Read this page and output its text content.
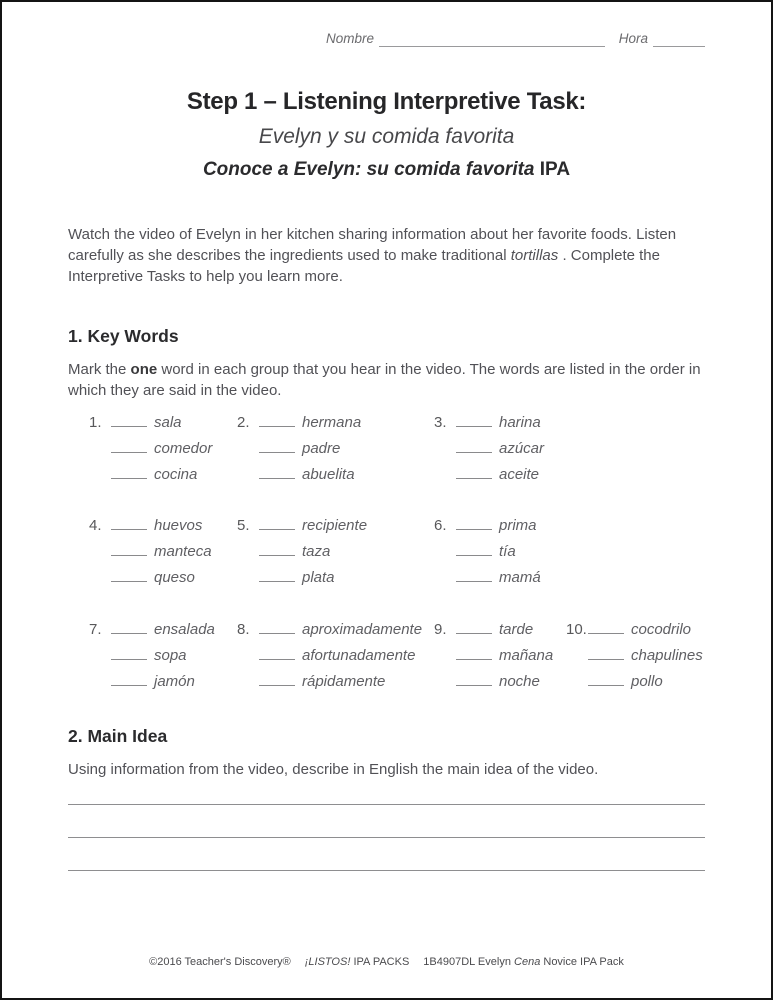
Nombre	Hora
Step 1 – Listening Interpretive Task:
Evelyn y su comida favorita
Conoce a Evelyn: su comida favorita IPA

Watch the video of Evelyn in her kitchen sharing information about her favorite foods. Listen carefully as she describes the ingredients used to make traditional tortillas . Complete the Interpretive Tasks to help you learn more.

1. Key Words

Mark the one word in each group that you hear in the video. The words are listed in the order in which they are said in the video.

1.	sala
comedor
cocina
2.	hermana
padre
abuelita
3.	harina
azúcar
aceite
4.	huevos
manteca
queso
5.	recipiente
taza
plata
6.	prima
tía
mamá
7.	ensalada
sopa
jamón
8.	aproximadamente
afortunadamente
rápidamente
9.	tarde
mañana
noche
10.	cocodrilo
chapulines
pollo
2. Main Idea

Using information from the video, describe in English the main idea of the video.

©2016 Teacher's Discovery® ¡LISTOS! IPA PACKS 1B4907DL Evelyn Cena Novice IPA Pack
